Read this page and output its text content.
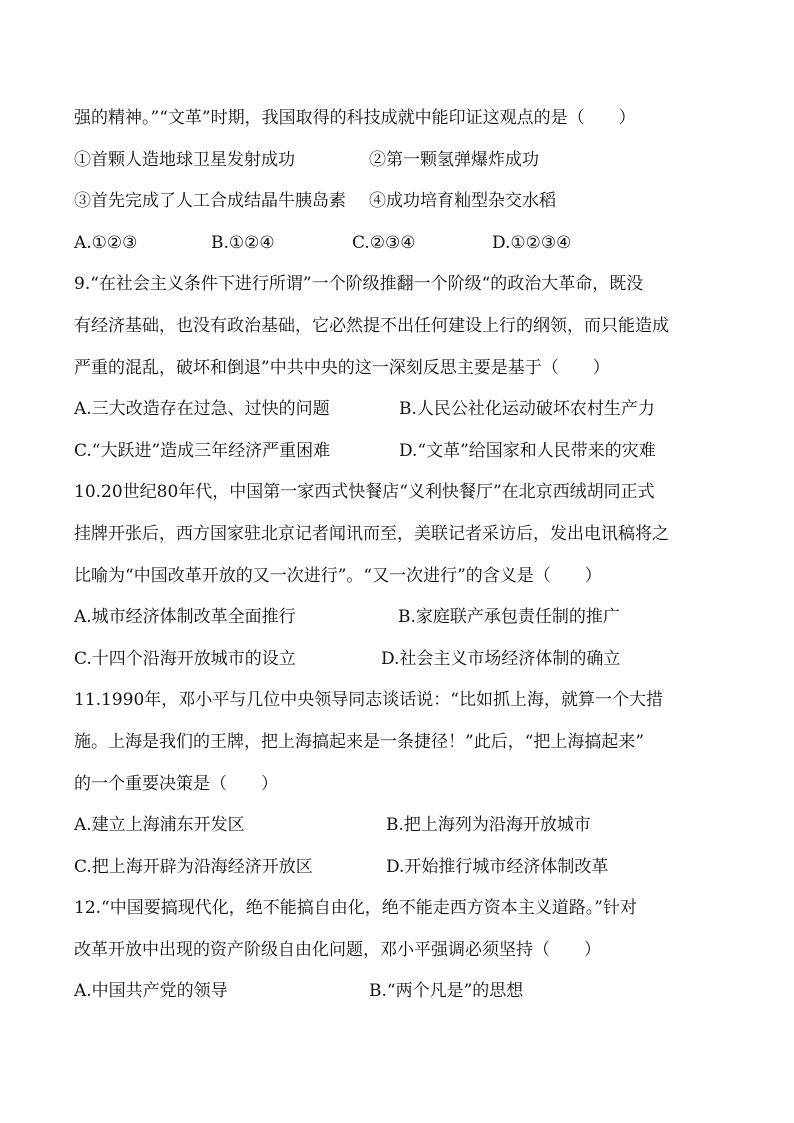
强的精神。”“文革”时期，我国取得的科技成就中能印证这观点的是（　　）
①首颗人造地球卫星发射成功	②第一颗氢弹爆炸成功
③首先完成了人工合成结晶牛胰岛素 ④成功培育籼型杂交水稻
A.①②③	B.①②④	C.②③④	D.①②③④
9.“在社会主义条件下进行所谓”一个阶级推翻一个阶级“的政治大革命，既没
有经济基础，也没有政治基础，它必然提不出任何建设上行的纲领，而只能造成
严重的混乱，破坏和倒退”中共中央的这一深刻反思主要是基于（　　）
A.三大改造存在过急、过快的问题	B.人民公社化运动破坏农村生产力
C.“大跃进”造成三年经济严重困难	D.“文革”给国家和人民带来的灾难
10.20世纪80年代，中国第一家西式快餐店“义利快餐厅”在北京西绒胡同正式
挂牌开张后，西方国家驻北京记者闻讯而至，美联记者采访后，发出电讯稿将之
比喻为“中国改革开放的又一次进行”。“又一次进行”的含义是（　　）
A.城市经济体制改革全面推行	B.家庭联产承包责任制的推广
C.十四个沿海开放城市的设立	D.社会主义市场经济体制的确立
11.1990年，邓小平与几位中央领导同志谈话说：“比如抓上海，就算一个大措
施。上海是我们的王牌，把上海搞起来是一条捷径！”此后，“把上海搞起来”
的一个重要决策是（　　）
A.建立上海浦东开发区	B.把上海列为沿海开放城市
C.把上海开辟为沿海经济开放区	D.开始推行城市经济体制改革
12.“中国要搞现代化，绝不能搞自由化，绝不能走西方资本主义道路。”针对
改革开放中出现的资产阶级自由化问题，邓小平强调必须坚持（　　）
A.中国共产党的领导	B.“两个凡是”的思想
